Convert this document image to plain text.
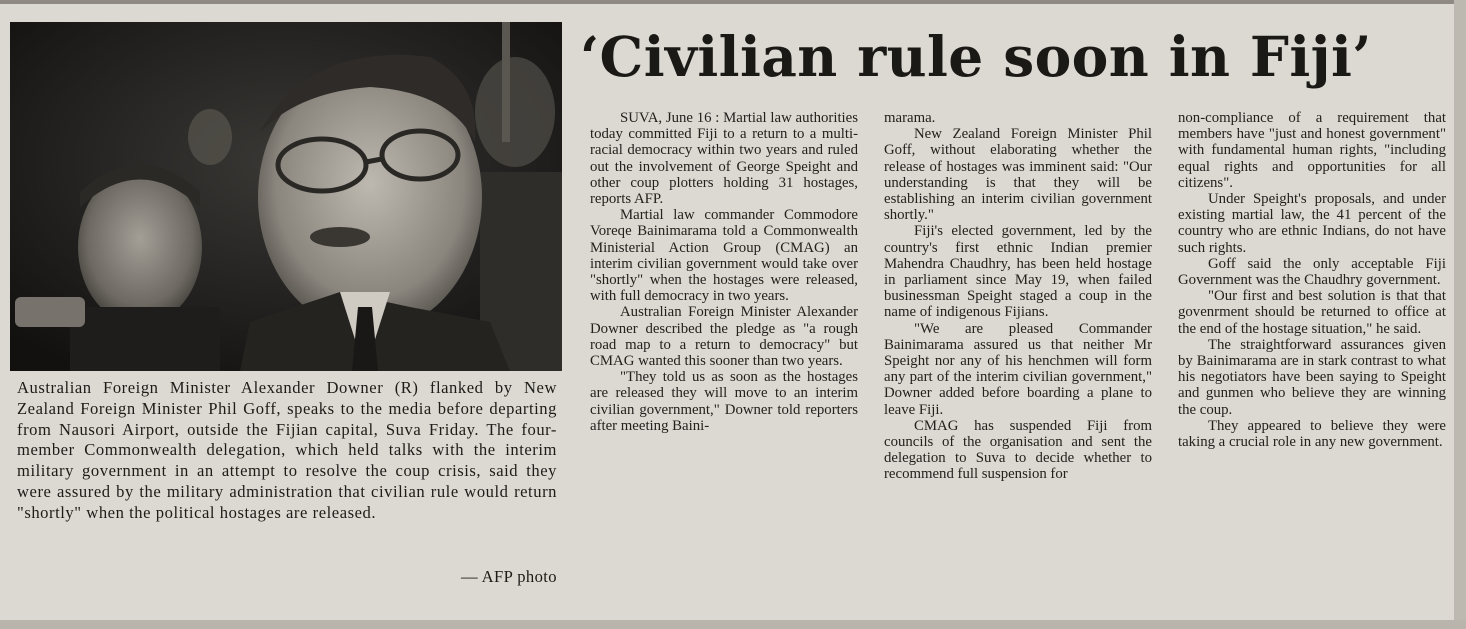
Australian Foreign Minister Alexander Downer (R) flanked by New Zealand Foreign Minister Phil Goff, speaks to the media before departing from Nausori Airport, outside the Fijian capital, Suva Friday. The four-member Commonwealth delegation, which held talks with the interim military government in an attempt to resolve the coup crisis, said they were assured by the military administration that civilian rule would return "shortly" when the political hostages are released.

— AFP photo
‘Civilian rule soon in Fiji’

SUVA, June 16 : Martial law authorities today committed Fiji to a return to a multi-racial democracy within two years and ruled out the involvement of George Speight and other coup plotters holding 31 hostages, reports AFP.

Martial law commander Commodore Voreqe Bainimarama told a Commonwealth Ministerial Action Group (CMAG) an interim civilian government would take over "shortly" when the hostages were released, with full democracy in two years.

Australian Foreign Minister Alexander Downer described the pledge as "a rough road map to a return to democracy" but CMAG wanted this sooner than two years.

"They told us as soon as the hostages are released they will move to an interim civilian government," Downer told reporters after meeting Baini-

marama.

New Zealand Foreign Minister Phil Goff, without elaborating whether the release of hostages was imminent said: "Our understanding is that they will be establishing an interim civilian government shortly."

Fiji's elected government, led by the country's first ethnic Indian premier Mahendra Chaudhry, has been held hostage in parliament since May 19, when failed businessman Speight staged a coup in the name of indigenous Fijians.

"We are pleased Commander Bainimarama assured us that neither Mr Speight nor any of his henchmen will form any part of the interim civilian government," Downer added before boarding a plane to leave Fiji.

CMAG has suspended Fiji from councils of the organisation and sent the delegation to Suva to decide whether to recommend full suspension for

non-compliance of a requirement that members have "just and honest government" with fundamental human rights, "including equal rights and opportunities for all citizens".

Under Speight's proposals, and under existing martial law, the 41 percent of the country who are ethnic Indians, do not have such rights.

Goff said the only acceptable Fiji Government was the Chaudhry government.

"Our first and best solution is that that govenrment should be returned to office at the end of the hostage situation," he said.

The straightforward assurances given by Bainimarama are in stark contrast to what his negotiators have been saying to Speight and gunmen who believe they are winning the coup.

They appeared to believe they were taking a crucial role in any new government.
